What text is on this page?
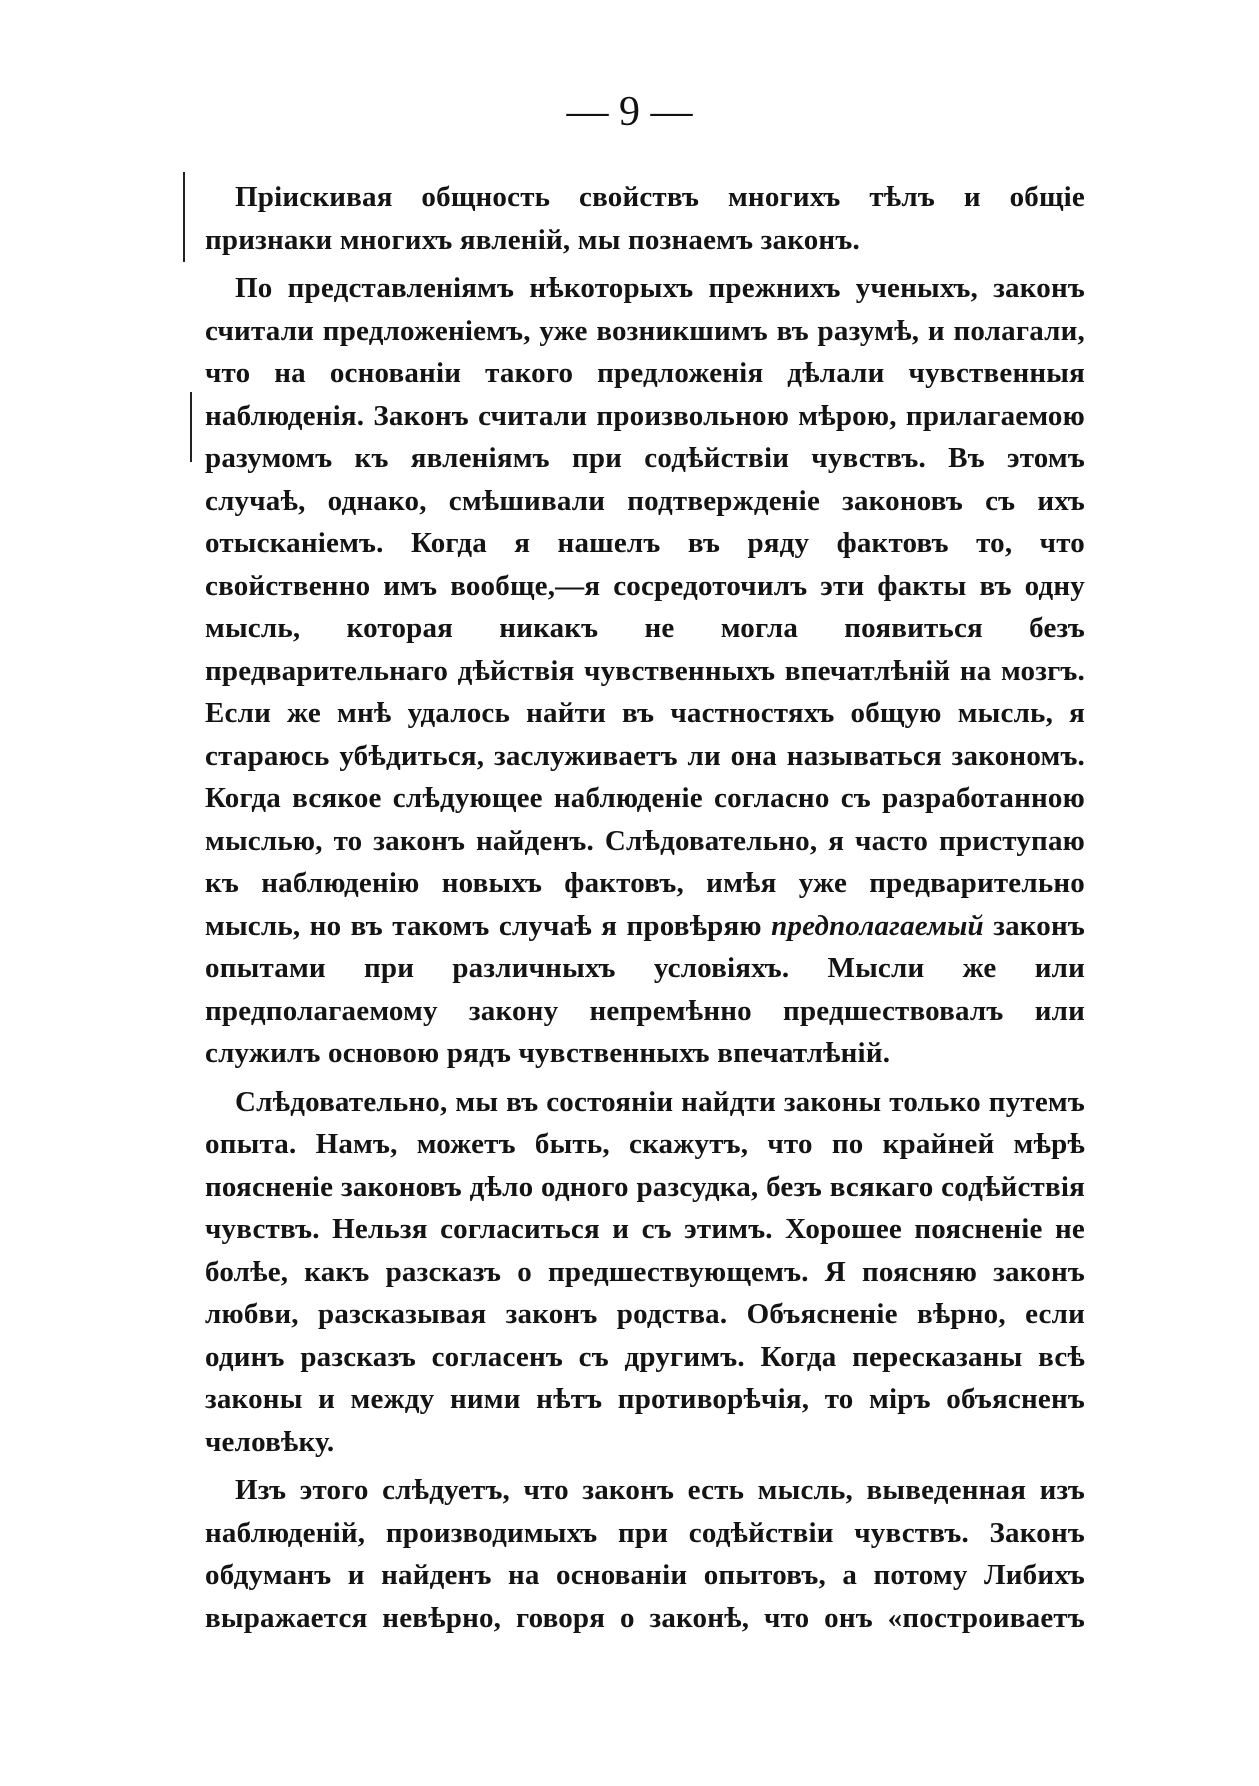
— 9 —

Пріискивая общность свойствъ многихъ тѣлъ и общіе признаки многихъ явленій, мы познаемъ законъ.

По представленіямъ нѣкоторыхъ прежнихъ ученыхъ, законъ считали предложеніемъ, уже возникшимъ въ разумѣ, и полагали, что на основаніи такого предложенія дѣлали чувственныя наблюденія. Законъ считали произвольною мѣрою, прилагаемою разумомъ къ явленіямъ при содѣйствіи чувствъ. Въ этомъ случаѣ, однако, смѣшивали подтвержденіе законовъ съ ихъ отысканіемъ. Когда я нашелъ въ ряду фактовъ то, что свойственно имъ вообще,—я сосредоточилъ эти факты въ одну мысль, которая никакъ не могла появиться безъ предварительнаго дѣйствія чувственныхъ впечатлѣній на мозгъ. Если же мнѣ удалось найти въ частностяхъ общую мысль, я стараюсь убѣдиться, заслуживаетъ ли она называться закономъ. Когда всякое слѣдующее наблюденіе согласно съ разработанною мыслью, то законъ найденъ. Слѣдовательно, я часто приступаю къ наблюденію новыхъ фактовъ, имѣя уже предварительно мысль, но въ такомъ случаѣ я провѣряю предполагаемый законъ опытами при различныхъ условіяхъ. Мысли же или предполагаемому закону непремѣнно предшествовалъ или служилъ основою рядъ чувственныхъ впечатлѣній.

Слѣдовательно, мы въ состояніи найдти законы только путемъ опыта. Намъ, можетъ быть, скажутъ, что по крайней мѣрѣ поясненіе законовъ дѣло одного разсудка, безъ всякаго содѣйствія чувствъ. Нельзя согласиться и съ этимъ. Хорошее поясненіе не болѣе, какъ разсказъ о предшествующемъ. Я поясняю законъ любви, разсказывая законъ родства. Объясненіе вѣрно, если одинъ разсказъ согласенъ съ другимъ. Когда пересказаны всѣ законы и между ними нѣтъ противорѣчія, то міръ объясненъ человѣку.

Изъ этого слѣдуетъ, что законъ есть мысль, выведенная изъ наблюденій, производимыхъ при содѣйствіи чувствъ. Законъ обдуманъ и найденъ на основаніи опытовъ, а потому Либихъ выражается невѣрно, говоря о законѣ, что онъ «построиваетъ
